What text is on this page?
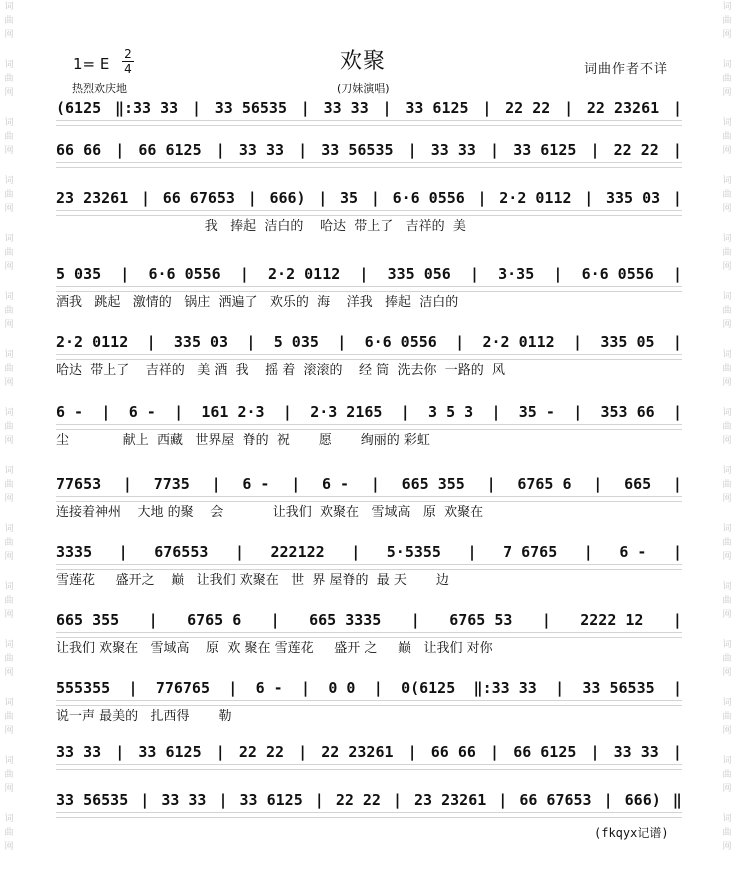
词
曲
网
词
曲
网
词
曲
网
词
曲
网
词
曲
网
词
曲
网
词
曲
网
词
曲
网
词
曲
网
词
曲
网
词
曲
网
词
曲
网
词
曲
网
词
曲
网
词
曲
网
词
曲
网
词
曲
网
词
曲
网
词
曲
网
词
曲
网
词
曲
网
词
曲
网
词
曲
网
词
曲
网
词
曲
网
词
曲
网
词
曲
网
词
曲
网
词
曲
网
词
曲
网
1= E
2
4	欢聚	词曲作者不详
热烈欢庆地	(刀妹演唱)
(6125 ‖:33 33 | 33 56535 | 33 33 | 33 6125 | 22 22 | 22 23261 |
66 66 | 66 6125 | 33 33 | 33 56535 | 33 33 | 33 6125 | 22 22 |
23 23261 | 66 67653 | 666) | 35 | 6·6 0556 | 2·2 0112 | 335 03 |
我   捧起  洁白的    哈达  带上了   吉祥的  美
5 035 | 6·6 0556 | 2·2 0112 | 335 056 | 3·35 | 6·6 0556 |
酒我   跳起   激情的   锅庄  洒遍了   欢乐的  海    洋我   捧起  洁白的
2·2 0112 | 335 03 | 5 035 | 6·6 0556 | 2·2 0112 | 335 05 |
哈达  带上了    吉祥的   美 酒  我    摇 着  滚滚的    经 筒  洗去你  一路的  风
6 - | 6 - | 161 2·3 | 2·3 2165 | 3 5 3 | 35 - | 353 66 |
尘             献上  西藏   世界屋  脊的  祝       愿       绚丽的 彩虹
77653 | 7735 | 6 - | 6 - | 665 355 | 6765 6 | 665 |
连接着神州    大地 的聚    会            让我们  欢聚在   雪域高   原  欢聚在
3335 | 676553 | 222122 | 5·5355 | 7 6765 | 6 - |
雪莲花     盛开之    巅   让我们 欢聚在   世  界 屋脊的  最 天       边
665 355 | 6765 6 | 665 3335 | 6765 53 | 2222 12 |
让我们 欢聚在   雪域高    原  欢 聚在 雪莲花     盛开 之     巅   让我们 对你
555355 | 776765 | 6 - | 0 0 | 0(6125 ‖:33 33 | 33 56535 |
说一声 最美的   扎西得       勒
33 33 | 33 6125 | 22 22 | 22 23261 | 66 66 | 66 6125 | 33 33 |
33 56535 | 33 33 | 33 6125 | 22 22 | 23 23261 | 66 67653 | 666) ‖
(fkqyx记谱)
